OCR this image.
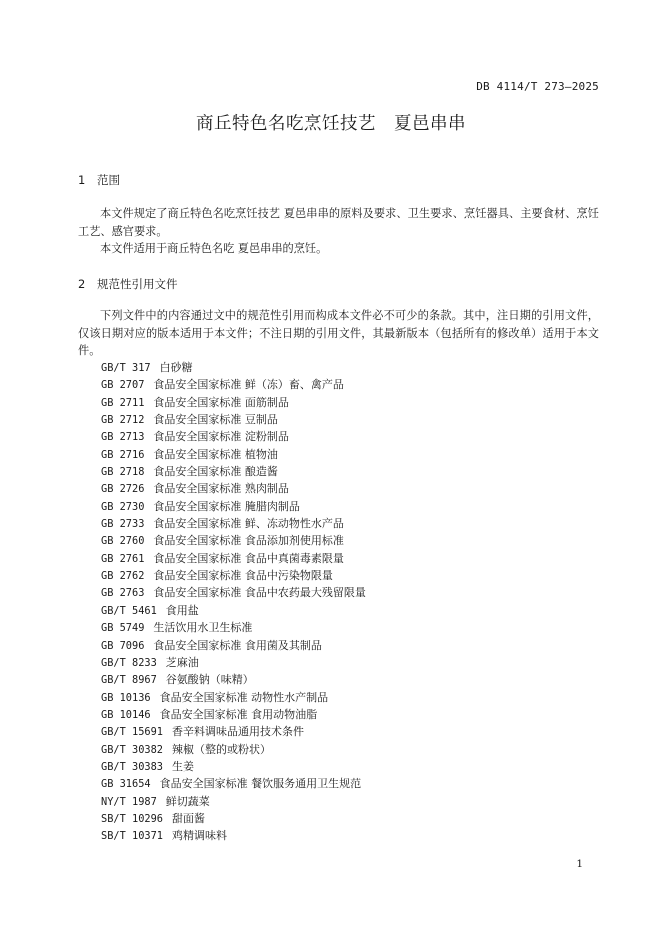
DB 4114/T 273—2025
商丘特色名吃烹饪技艺　夏邑串串
1 范围

本文件规定了商丘特色名吃烹饪技艺 夏邑串串的原料及要求、卫生要求、烹饪器具、主要食材、烹饪工艺、感官要求。

本文件适用于商丘特色名吃 夏邑串串的烹饪。

2 规范性引用文件

下列文件中的内容通过文中的规范性引用而构成本文件必不可少的条款。其中，注日期的引用文件，仅该日期对应的版本适用于本文件；不注日期的引用文件，其最新版本（包括所有的修改单）适用于本文件。

GB/T 317 白砂糖
GB 2707 食品安全国家标准 鲜（冻）畜、禽产品
GB 2711 食品安全国家标准 面筋制品
GB 2712 食品安全国家标准 豆制品
GB 2713 食品安全国家标准 淀粉制品
GB 2716 食品安全国家标准 植物油
GB 2718 食品安全国家标准 酿造酱
GB 2726 食品安全国家标准 熟肉制品
GB 2730 食品安全国家标准 腌腊肉制品
GB 2733 食品安全国家标准 鲜、冻动物性水产品
GB 2760 食品安全国家标准 食品添加剂使用标准
GB 2761 食品安全国家标准 食品中真菌毒素限量
GB 2762 食品安全国家标准 食品中污染物限量
GB 2763 食品安全国家标准 食品中农药最大残留限量
GB/T 5461 食用盐
GB 5749 生活饮用水卫生标准
GB 7096 食品安全国家标准 食用菌及其制品
GB/T 8233 芝麻油
GB/T 8967 谷氨酸钠（味精）
GB 10136 食品安全国家标准 动物性水产制品
GB 10146 食品安全国家标准 食用动物油脂
GB/T 15691 香辛料调味品通用技术条件
GB/T 30382 辣椒（整的或粉状）
GB/T 30383 生姜
GB 31654 食品安全国家标准 餐饮服务通用卫生规范
NY/T 1987 鲜切蔬菜
SB/T 10296 甜面酱
SB/T 10371 鸡精调味料
1
